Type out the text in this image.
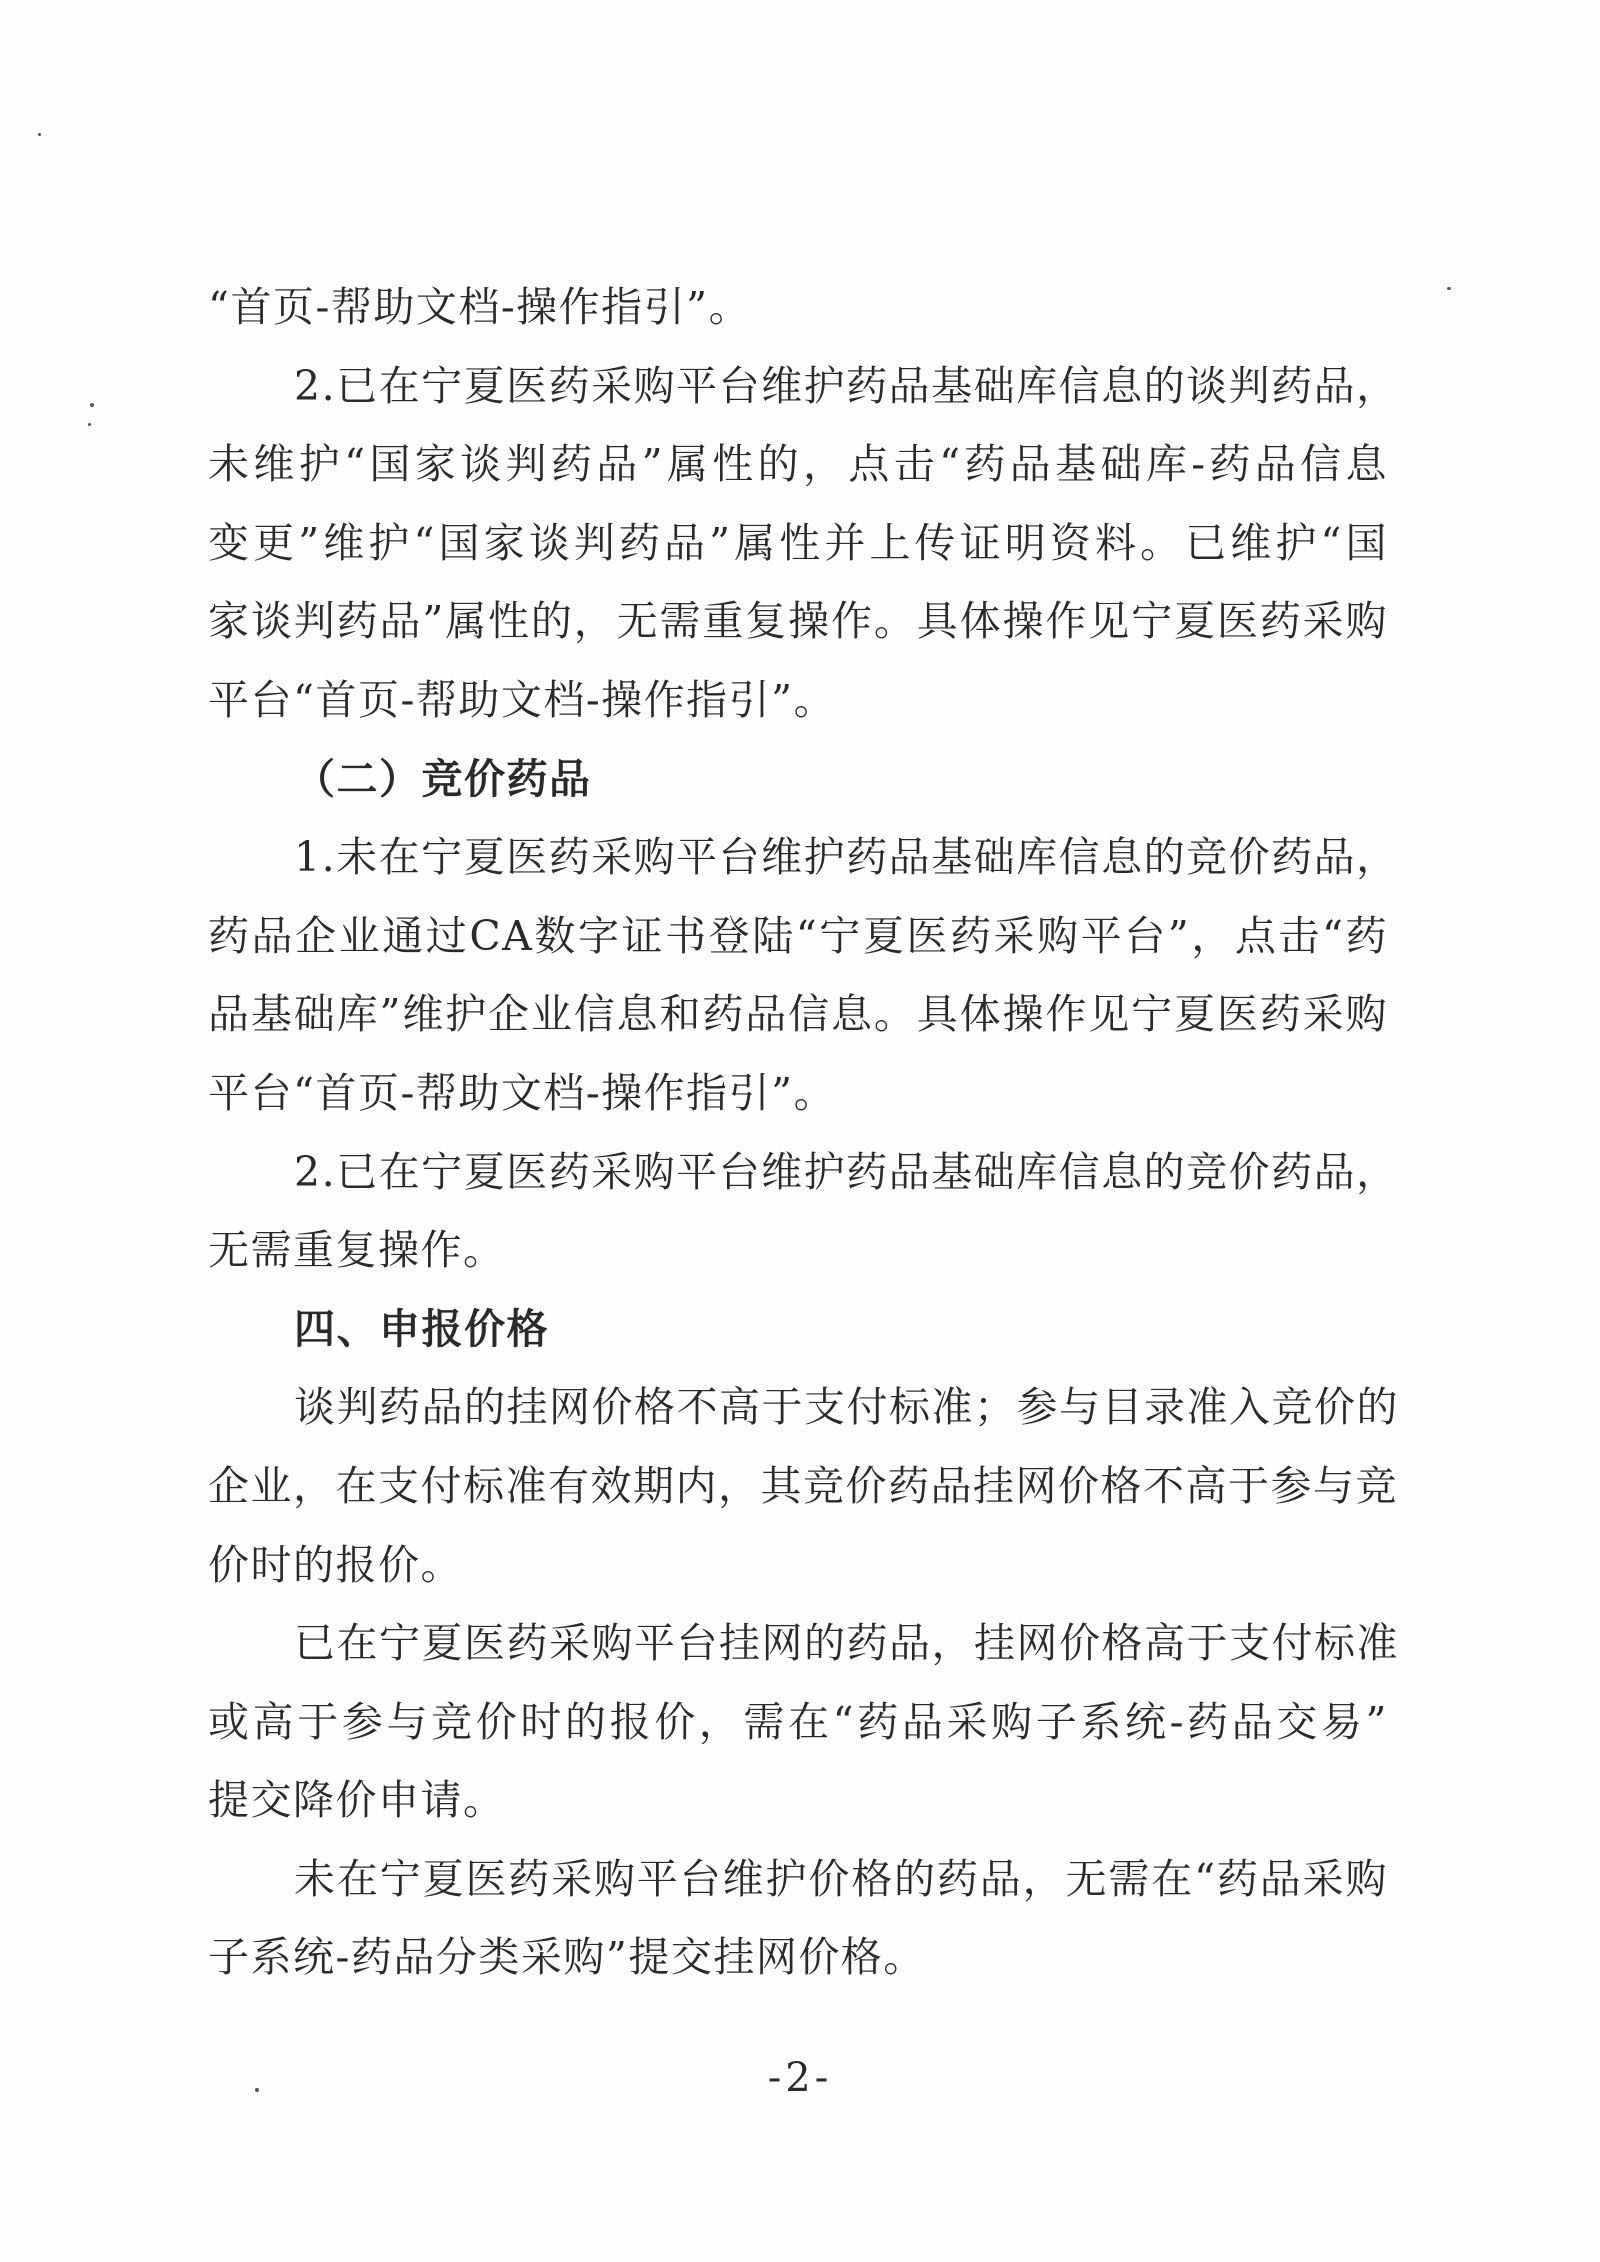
“首页-帮助文档-操作指引”。
2.已在宁夏医药采购平台维护药品基础库信息的谈判药品，
未维护“国家谈判药品”属性的，点击“药品基础库-药品信息
变更”维护“国家谈判药品”属性并上传证明资料。已维护“国
家谈判药品”属性的，无需重复操作。具体操作见宁夏医药采购
平台“首页-帮助文档-操作指引”。
（二）竞价药品
1.未在宁夏医药采购平台维护药品基础库信息的竞价药品，
药品企业通过CA数字证书登陆“宁夏医药采购平台”，点击“药
品基础库”维护企业信息和药品信息。具体操作见宁夏医药采购
平台“首页-帮助文档-操作指引”。
2.已在宁夏医药采购平台维护药品基础库信息的竞价药品，
无需重复操作。
四、申报价格
谈判药品的挂网价格不高于支付标准；参与目录准入竞价的
企业，在支付标准有效期内，其竞价药品挂网价格不高于参与竞
价时的报价。
已在宁夏医药采购平台挂网的药品，挂网价格高于支付标准
或高于参与竞价时的报价，需在“药品采购子系统-药品交易”
提交降价申请。
未在宁夏医药采购平台维护价格的药品，无需在“药品采购
子系统-药品分类采购”提交挂网价格。
-2-
